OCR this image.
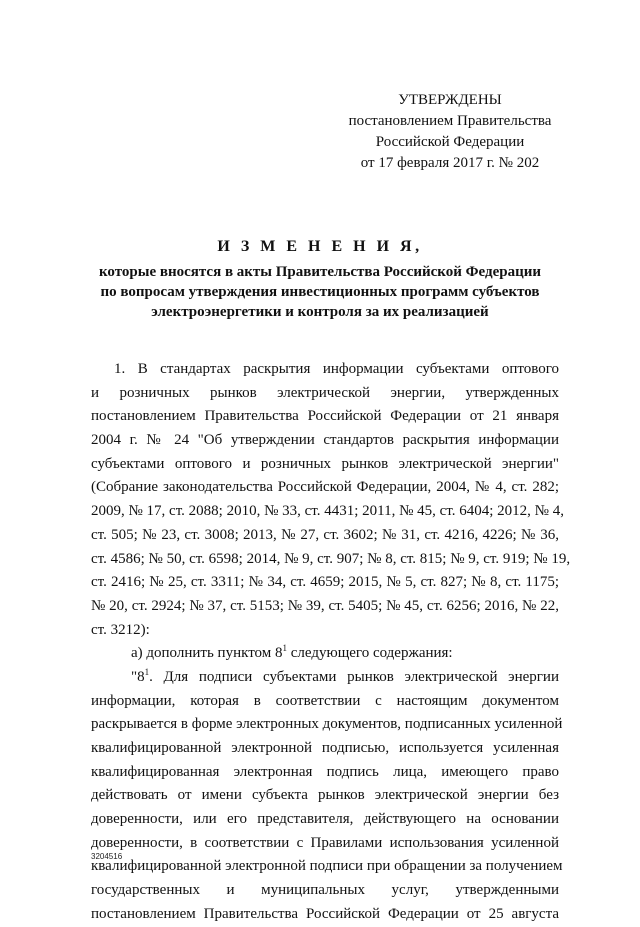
УТВЕРЖДЕНЫ
постановлением Правительства
Российской Федерации
от 17 февраля 2017 г. № 202
И З М Е Н Е Н И Я,
которые вносятся в акты Правительства Российской Федерации
по вопросам утверждения инвестиционных программ субъектов
электроэнергетики и контроля за их реализацией
1. В стандартах раскрытия информации субъектами оптового
и розничных рынков электрической энергии, утвержденных
постановлением Правительства Российской Федерации от 21 января
2004 г. № 24 "Об утверждении стандартов раскрытия информации
субъектами оптового и розничных рынков электрической энергии"
(Собрание законодательства Российской Федерации, 2004, № 4, ст. 282;
2009, № 17, ст. 2088; 2010, № 33, ст. 4431; 2011, № 45, ст. 6404; 2012, № 4,
ст. 505; № 23, ст. 3008; 2013, № 27, ст. 3602; № 31, ст. 4216, 4226; № 36,
ст. 4586; № 50, ст. 6598; 2014, № 9, ст. 907; № 8, ст. 815; № 9, ст. 919; № 19,
ст. 2416; № 25, ст. 3311; № 34, ст. 4659; 2015, № 5, ст. 827; № 8, ст. 1175;
№ 20, ст. 2924; № 37, ст. 5153; № 39, ст. 5405; № 45, ст. 6256; 2016, № 22,
ст. 3212):
а) дополнить пунктом $8^1$ следующего содержания:
"$8^1$. Для подписи субъектами рынков электрической энергии
информации, которая в соответствии с настоящим документом
раскрывается в форме электронных документов, подписанных усиленной
квалифицированной электронной подписью, используется усиленная
квалифицированная электронная подпись лица, имеющего право
действовать от имени субъекта рынков электрической энергии без
доверенности, или его представителя, действующего на основании
доверенности, в соответствии с Правилами использования усиленной
квалифицированной электронной подписи при обращении за получением
государственных и муниципальных услуг, утвержденными
постановлением Правительства Российской Федерации от 25 августа
3204516
